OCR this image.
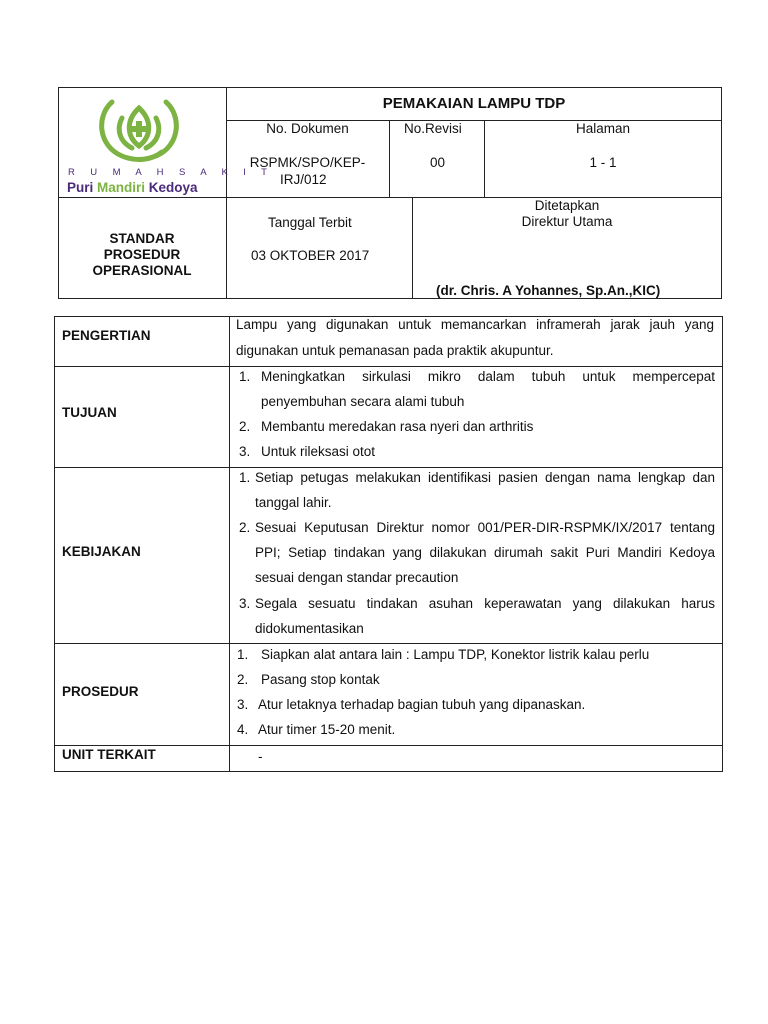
R U M A H S A K I T
Puri Mandiri Kedoya
PEMAKAIAN LAMPU TDP
No. Dokumen
RSPMK/SPO/KEP-
IRJ/012
No.Revisi
00
Halaman
1 - 1
STANDAR
PROSEDUR
OPERASIONAL
Tanggal Terbit
03 OKTOBER 2017
Ditetapkan
Direktur Utama
(dr. Chris. A Yohannes, Sp.An.,KIC)
PENGERTIAN
Lampu yang digunakan untuk memancarkan inframerah jarak jauh yang digunakan untuk pemanasan pada praktik akupuntur.
TUJUAN
1. Meningkatkan sirkulasi mikro dalam tubuh untuk mempercepat penyembuhan secara alami tubuh
2. Membantu meredakan rasa nyeri dan arthritis
3. Untuk rileksasi otot
KEBIJAKAN
1. Setiap petugas melakukan identifikasi pasien dengan nama lengkap dan tanggal lahir.
2. Sesuai Keputusan Direktur nomor 001/PER-DIR-RSPMK/IX/2017 tentang PPI; Setiap tindakan yang dilakukan dirumah sakit Puri Mandiri Kedoya sesuai dengan standar precaution
3. Segala sesuatu tindakan asuhan keperawatan yang dilakukan harus didokumentasikan
PROSEDUR
1. Siapkan alat antara lain : Lampu TDP, Konektor listrik kalau perlu
2. Pasang stop kontak
3. Atur letaknya terhadap bagian tubuh yang dipanaskan.
4. Atur timer 15-20 menit.
UNIT TERKAIT	-
